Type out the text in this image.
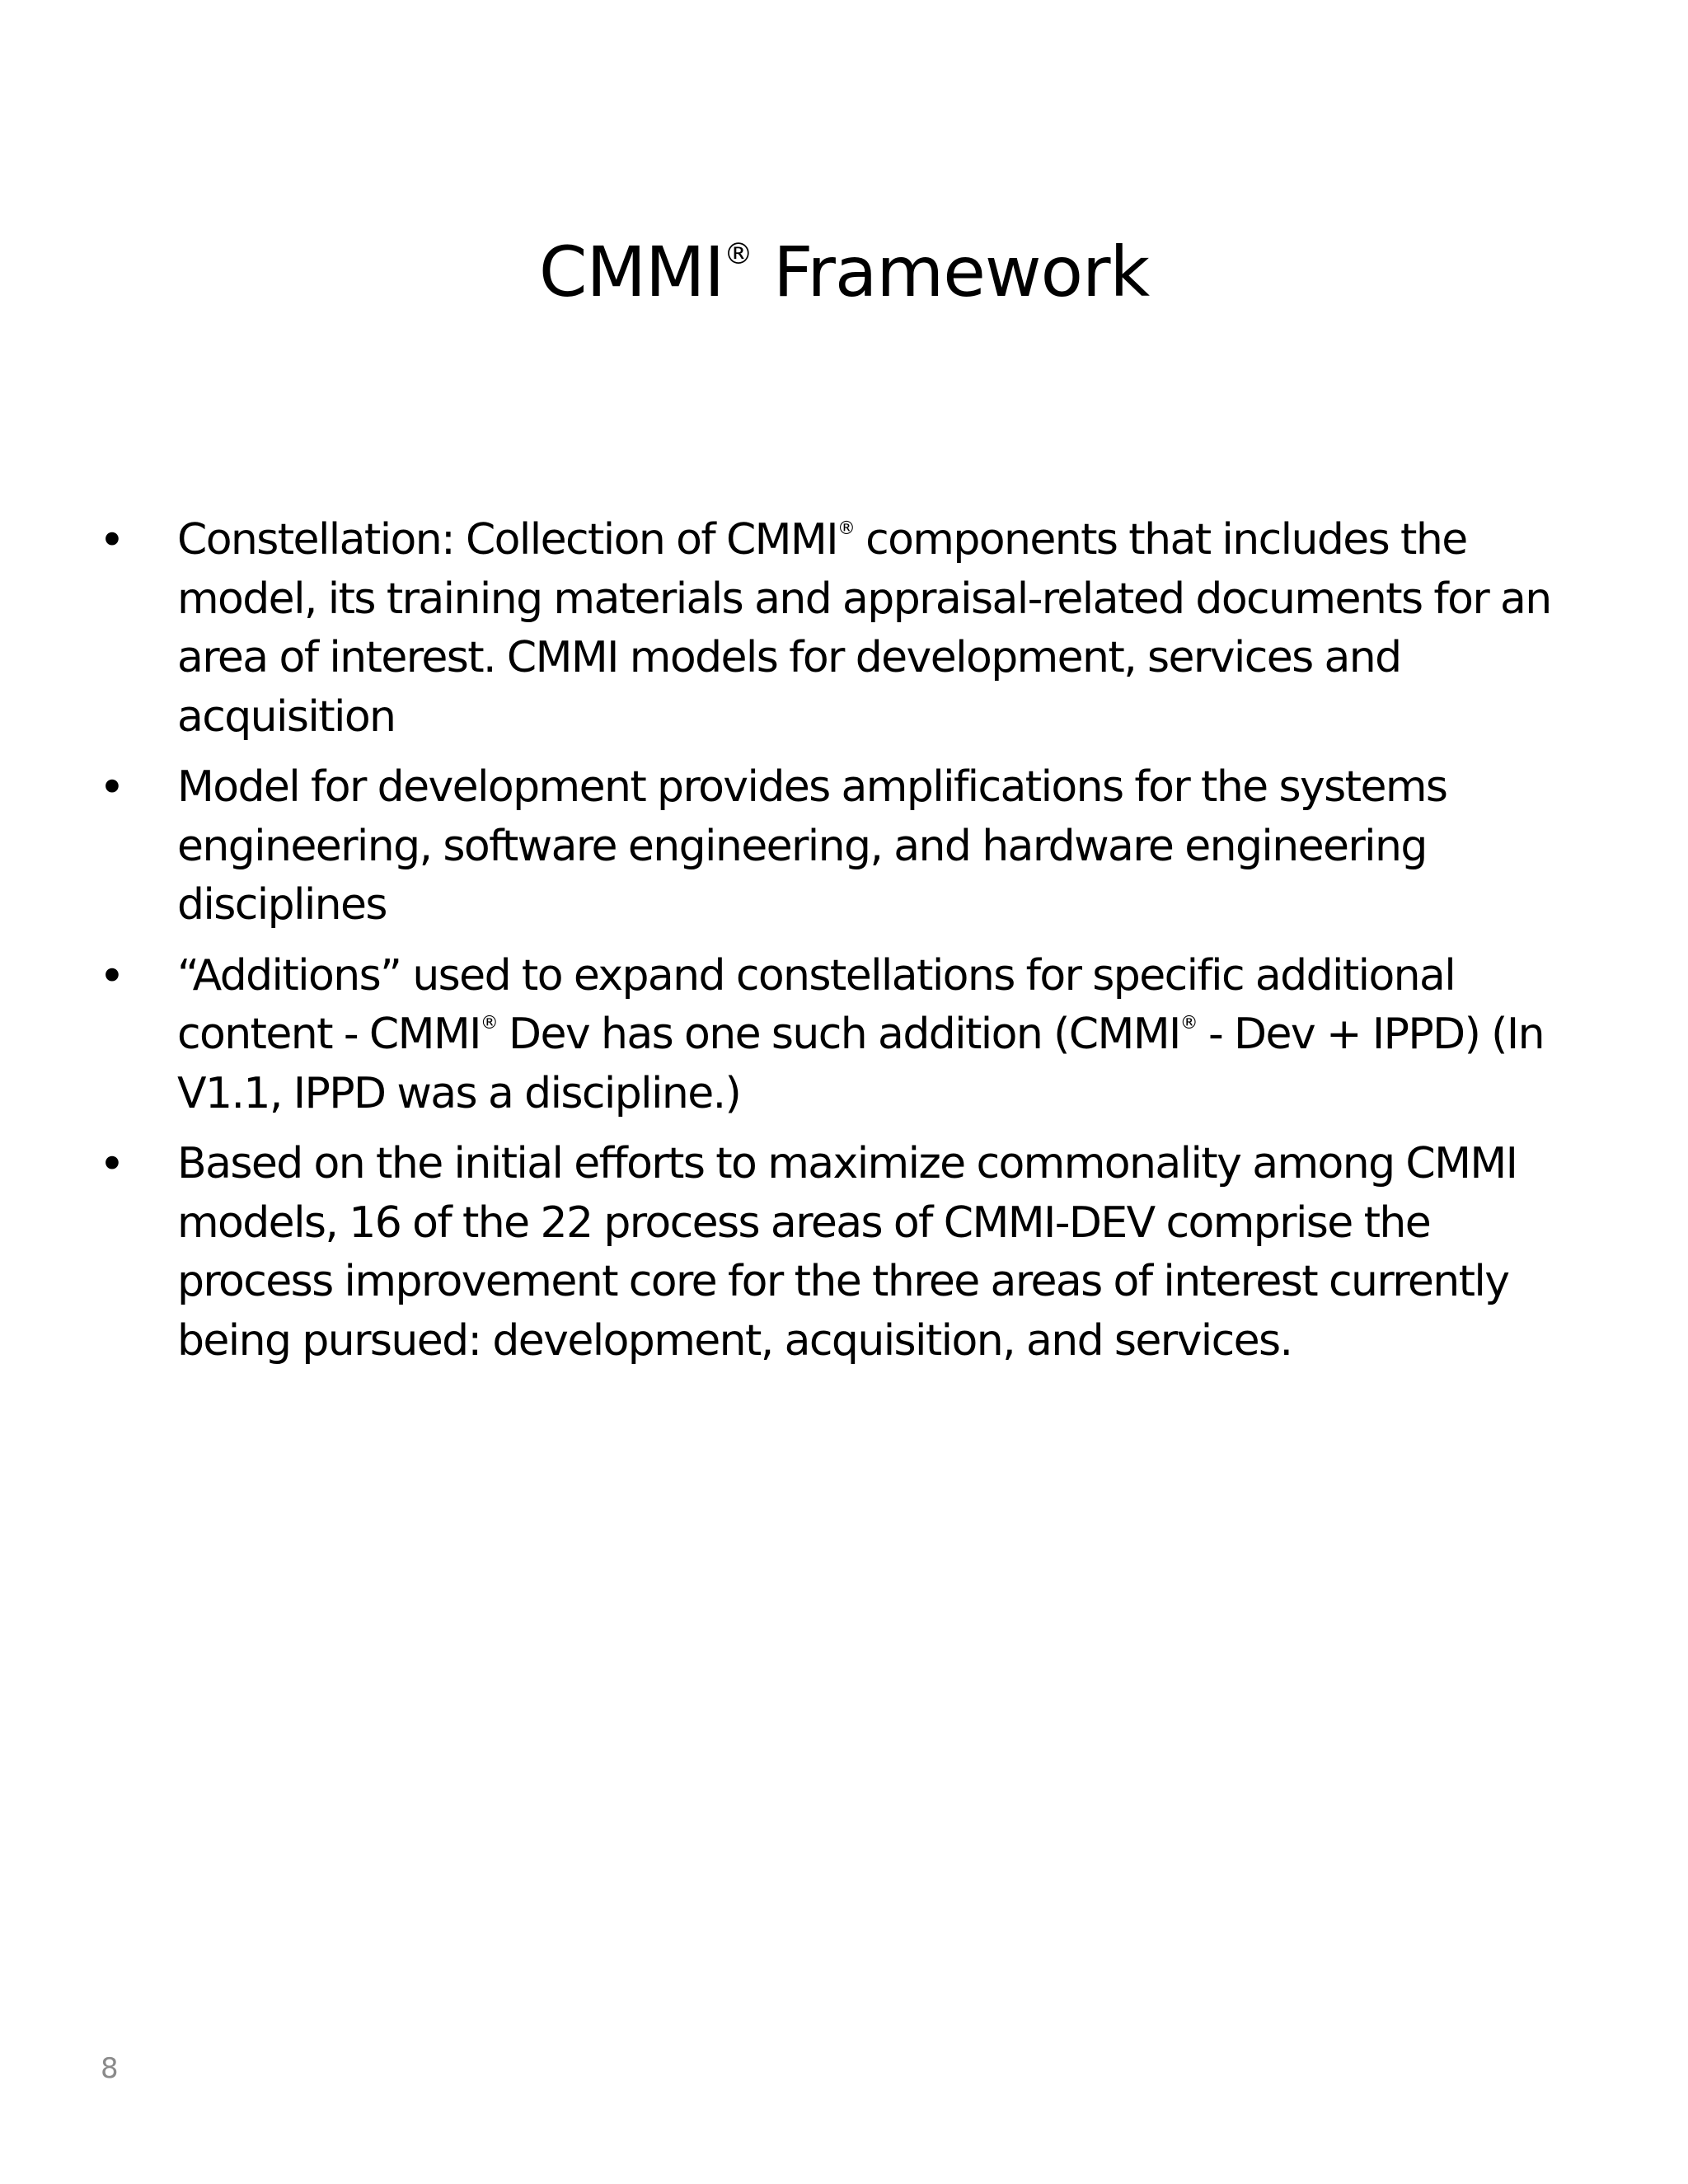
CMMI® Framework
• Constellation: Collection of CMMI® components that includes the model, its training materials and appraisal-related documents for an area of interest. CMMI models for development, services and acquisition
• Model for development provides amplifications for the systems engineering, software engineering, and hardware engineering disciplines
• “Additions” used to expand constellations for specific additional content - CMMI® Dev has one such addition (CMMI® - Dev + IPPD) (In V1.1, IPPD was a discipline.)
• Based on the initial efforts to maximize commonality among CMMI models, 16 of the 22 process areas of CMMI-DEV comprise the process improvement core for the three areas of interest currently being pursued: development, acquisition, and services.
8
